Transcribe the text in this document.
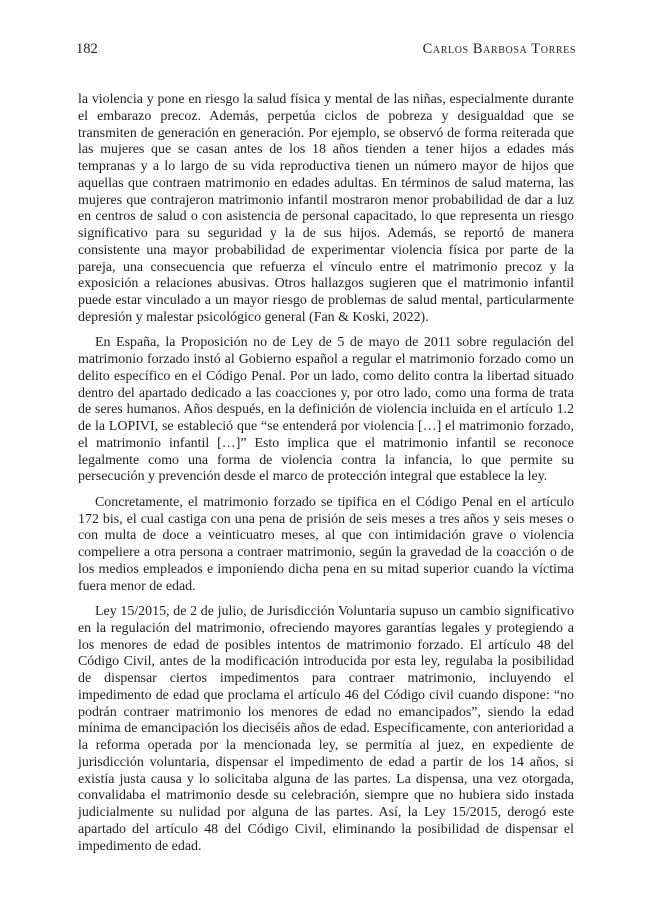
182	Carlos Barbosa Torres

la violencia y pone en riesgo la salud física y mental de las niñas, especialmente durante el embarazo precoz. Además, perpetúa ciclos de pobreza y desigualdad que se transmiten de generación en generación. Por ejemplo, se observó de forma reiterada que las mujeres que se casan antes de los 18 años tienden a tener hijos a edades más tempranas y a lo largo de su vida reproductiva tienen un número mayor de hijos que aquellas que contraen matrimonio en edades adultas. En términos de salud materna, las mujeres que contrajeron matrimonio infantil mostraron menor probabilidad de dar a luz en centros de salud o con asistencia de personal capacitado, lo que representa un riesgo significativo para su seguridad y la de sus hijos. Además, se reportó de manera consistente una mayor probabilidad de experimentar violencia física por parte de la pareja, una consecuencia que refuerza el vínculo entre el matrimonio precoz y la exposición a relaciones abusivas. Otros hallazgos sugieren que el matrimonio infantil puede estar vinculado a un mayor riesgo de problemas de salud mental, particularmente depresión y malestar psicológico general (Fan & Koski, 2022).

En España, la Proposición no de Ley de 5 de mayo de 2011 sobre regulación del matrimonio forzado instó al Gobierno español a regular el matrimonio forzado como un delito específico en el Código Penal. Por un lado, como delito contra la libertad situado dentro del apartado dedicado a las coacciones y, por otro lado, como una forma de trata de seres humanos. Años después, en la definición de violencia incluida en el artículo 1.2 de la LOPIVI, se estableció que “se entenderá por violencia […] el matrimonio forzado, el matrimonio infantil […]” Esto implica que el matrimonio infantil se reconoce legalmente como una forma de violencia contra la infancia, lo que permite su persecución y prevención desde el marco de protección integral que establece la ley.

Concretamente, el matrimonio forzado se tipifica en el Código Penal en el artículo 172 bis, el cual castiga con una pena de prisión de seis meses a tres años y seis meses o con multa de doce a veinticuatro meses, al que con intimidación grave o violencia compeliere a otra persona a contraer matrimonio, según la gravedad de la coacción o de los medios empleados e imponiendo dicha pena en su mitad superior cuando la víctima fuera menor de edad.

Ley 15/2015, de 2 de julio, de Jurisdicción Voluntaria supuso un cambio significativo en la regulación del matrimonio, ofreciendo mayores garantías legales y protegiendo a los menores de edad de posibles intentos de matrimonio forzado. El artículo 48 del Código Civil, antes de la modificación introducida por esta ley, regulaba la posibilidad de dispensar ciertos impedimentos para contraer matrimonio, incluyendo el impedimento de edad que proclama el artículo 46 del Código civil cuando dispone: “no podrán contraer matrimonio los menores de edad no emancipados”, siendo la edad mínima de emancipación los dieciséis años de edad. Específicamente, con anterioridad a la reforma operada por la mencionada ley, se permitía al juez, en expediente de jurisdicción voluntaria, dispensar el impedimento de edad a partir de los 14 años, si existía justa causa y lo solicitaba alguna de las partes. La dispensa, una vez otorgada, convalidaba el matrimonio desde su celebración, siempre que no hubiera sido instada judicialmente su nulidad por alguna de las partes. Así, la Ley 15/2015, derogó este apartado del artículo 48 del Código Civil, eliminando la posibilidad de dispensar el impedimento de edad.
